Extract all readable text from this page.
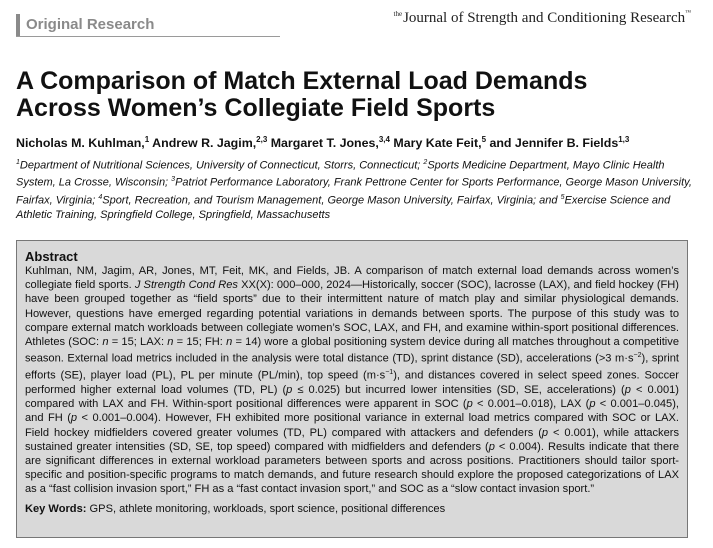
Original Research
$^{the}$Journal of Strength and Conditioning Research™
A Comparison of Match External Load Demands
Across Women’s Collegiate Field Sports
Nicholas M. Kuhlman,$^1$ Andrew R. Jagim,$^{2,3}$ Margaret T. Jones,$^{3,4}$ Mary Kate Feit,$^5$ and Jennifer B. Fields$^{1,3}$
$^1$Department of Nutritional Sciences, University of Connecticut, Storrs, Connecticut; $^2$Sports Medicine Department, Mayo Clinic Health System, La Crosse, Wisconsin; $^3$Patriot Performance Laboratory, Frank Pettrone Center for Sports Performance, George Mason University, Fairfax, Virginia; $^4$Sport, Recreation, and Tourism Management, George Mason University, Fairfax, Virginia; and $^5$Exercise Science and Athletic Training, Springfield College, Springfield, Massachusetts
Abstract

Kuhlman, NM, Jagim, AR, Jones, MT, Feit, MK, and Fields, JB. A comparison of match external load demands across women’s collegiate field sports. J Strength Cond Res XX(X): 000–000, 2024—Historically, soccer (SOC), lacrosse (LAX), and field hockey (FH) have been grouped together as “field sports” due to their intermittent nature of match play and similar physiological demands. However, questions have emerged regarding potential variations in demands between sports. The purpose of this study was to compare external match workloads between collegiate women’s SOC, LAX, and FH, and examine within-sport positional differences. Athletes (SOC: n = 15; LAX: n = 15; FH: n = 14) wore a global positioning system device during all matches throughout a competitive season. External load metrics included in the analysis were total distance (TD), sprint distance (SD), accelerations (>3 $m\cdot s^{-2}$), sprint efforts (SE), player load (PL), PL per minute (PL/min), top speed $(m\cdot s^{-1})$, and distances covered in select speed zones. Soccer performed higher external load volumes (TD, PL) (p ≤ 0.025) but incurred lower intensities (SD, SE, accelerations) (p < 0.001) compared with LAX and FH. Within-sport positional differences were apparent in SOC (p < 0.001–0.018), LAX (p < 0.001–0.045), and FH (p < 0.001–0.004). However, FH exhibited more positional variance in external load metrics compared with SOC or LAX. Field hockey midfielders covered greater volumes (TD, PL) compared with attackers and defenders (p < 0.001), while attackers sustained greater intensities (SD, SE, top speed) compared with midfielders and defenders (p < 0.004). Results indicate that there are significant differences in external workload parameters between sports and across positions. Practitioners should tailor sport-specific and position-specific programs to match demands, and future research should explore the proposed categorizations of LAX as a “fast collision invasion sport,” FH as a “fast contact invasion sport,” and SOC as a “slow contact invasion sport.”

Key Words: GPS, athlete monitoring, workloads, sport science, positional differences
